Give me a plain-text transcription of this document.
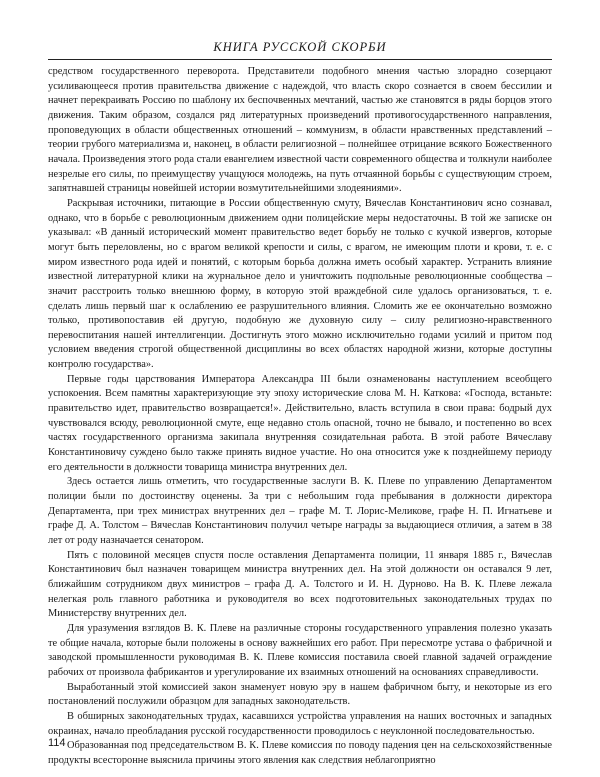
КНИГА РУССКОЙ СКОРБИ

средством государственного переворота. Представители подобного мнения частью злорадно созерцают усиливающееся против правительства движение с надеждой, что власть скоро сознается в своем бессилии и начнет перекраивать Россию по шаблону их беспочвенных мечтаний, частью же становятся в ряды борцов этого движения. Таким образом, создался ряд литературных произведений противогосударственного направления, проповедующих в области общественных отношений – коммунизм, в области нравственных представлений – теории грубого материализма и, наконец, в области религиозной – полнейшее отрицание всякого Божественного начала. Произведения этого рода стали евангелием известной части современного общества и толкнули наиболее незрелые его силы, по преимуществу учащуюся молодежь, на путь отчаянной борьбы с существующим строем, запятнавшей страницы новейшей истории возмутительнейшими злодеяниями».

Раскрывая источники, питающие в России общественную смуту, Вячеслав Константинович ясно сознавал, однако, что в борьбе с революционным движением одни полицейские меры недостаточны. В той же записке он указывал: «В данный исторический момент правительство ведет борьбу не только с кучкой извергов, которые могут быть переловлены, но с врагом великой крепости и силы, с врагом, не имеющим плоти и крови, т. е. с миром известного рода идей и понятий, с которым борьба должна иметь особый характер. Устранить влияние известной литературной клики на журнальное дело и уничтожить подпольные революционные сообщества – значит расстроить только внешнюю форму, в которую этой враждебной силе удалось организоваться, т. е. сделать лишь первый шаг к ослаблению ее разрушительного влияния. Сломить же ее окончательно возможно только, противопоставив ей другую, подобную же духовную силу – силу религиозно-нравственного перевоспитания нашей интеллигенции. Достигнуть этого можно исключительно годами усилий и притом под условием введения строгой общественной дисциплины во всех областях народной жизни, которые доступны контролю государства».

Первые годы царствования Императора Александра III были ознаменованы наступлением всеобщего успокоения. Всем памятны характеризующие эту эпоху исторические слова М. Н. Каткова: «Господа, встаньте: правительство идет, правительство возвращается!». Действительно, власть вступила в свои права: бодрый дух чувствовался всюду, революционной смуте, еще недавно столь опасной, точно не бывало, и постепенно во всех частях государственного организма закипала внутренняя созидательная работа. В этой работе Вячеславу Константиновичу суждено было также принять видное участие. Но она относится уже к позднейшему периоду его деятельности в должности товарища министра внутренних дел.

Здесь остается лишь отметить, что государственные заслуги В. К. Плеве по управлению Департаментом полиции были по достоинству оценены. За три с небольшим года пребывания в должности директора Департамента, при трех министрах внутренних дел – графе М. Т. Лорис-Меликове, графе Н. П. Игнатьеве и графе Д. А. Толстом – Вячеслав Константинович получил четыре награды за выдающиеся отличия, а затем в 38 лет от роду назначается сенатором.

Пять с половиной месяцев спустя после оставления Департамента полиции, 11 января 1885 г., Вячеслав Константинович был назначен товарищем министра внутренних дел. На этой должности он оставался 9 лет, ближайшим сотрудником двух министров – графа Д. А. Толстого и И. Н. Дурново. На В. К. Плеве лежала нелегкая роль главного работника и руководителя во всех подготовительных законодательных трудах по Министерству внутренних дел.

Для уразумения взглядов В. К. Плеве на различные стороны государственного управления полезно указать те общие начала, которые были положены в основу важнейших его работ. При пересмотре устава о фабричной и заводской промышленности руководимая В. К. Плеве комиссия поставила своей главной задачей ограждение рабочих от произвола фабрикантов и урегулирование их взаимных отношений на основаниях справедливости.

Выработанный этой комиссией закон знаменует новую эру в нашем фабричном быту, и некоторые из его постановлений послужили образцом для западных законодательств.

В обширных законодательных трудах, касавшихся устройства управления на наших восточных и западных окраинах, начало преобладания русской государственности проводилось с неуклонной последовательностью.

Образованная под председательством В. К. Плеве комиссия по поводу падения цен на сельскохозяйственные продукты всесторонне выяснила причины этого явления как следствия неблагоприятно

114
